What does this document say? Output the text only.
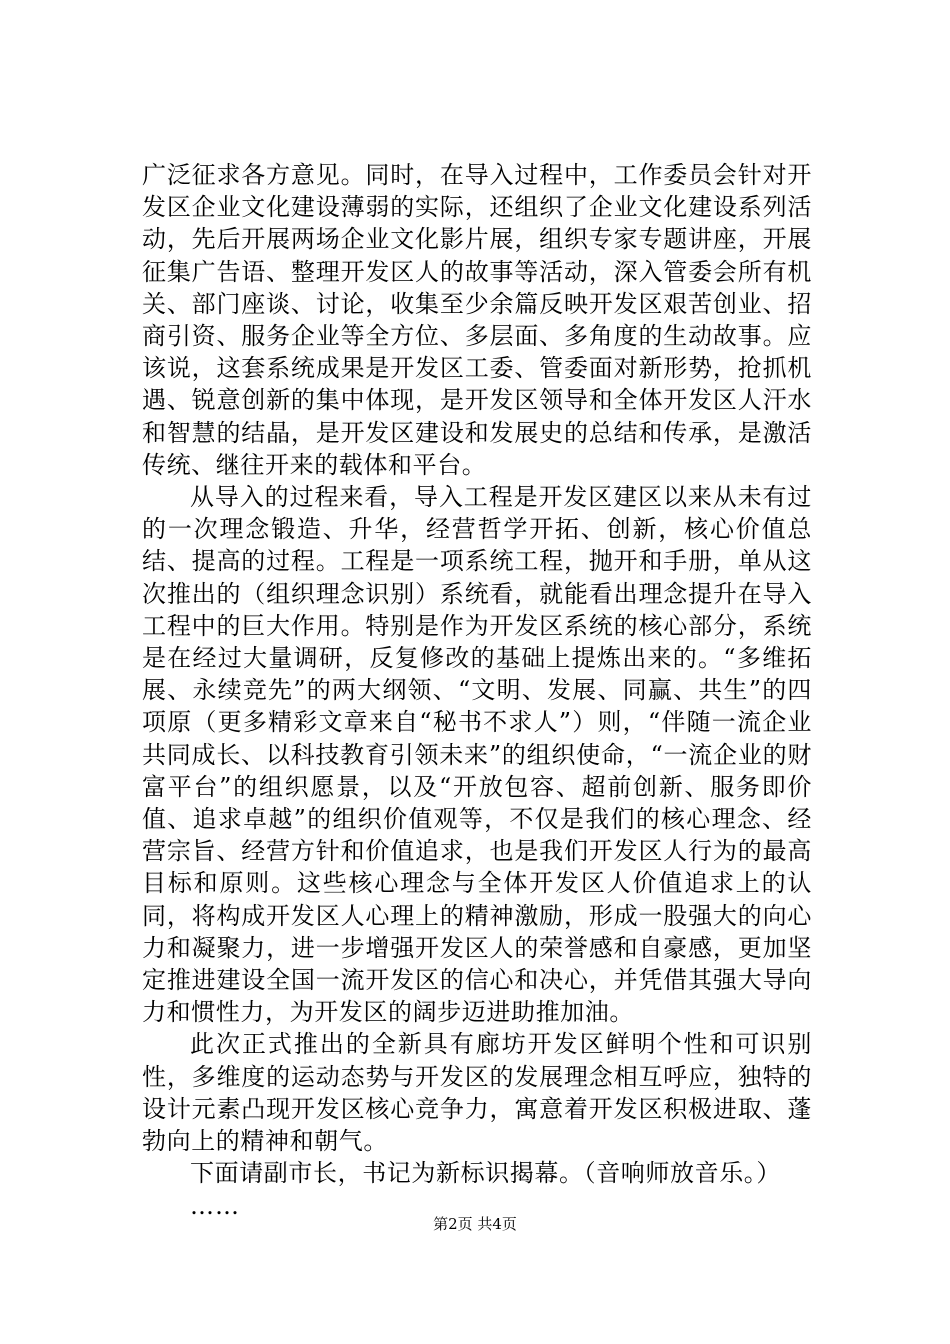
广泛征求各方意见。同时，在导入过程中，工作委员会针对开发区企业文化建设薄弱的实际，还组织了企业文化建设系列活动，先后开展两场企业文化影片展，组织专家专题讲座，开展征集广告语、整理开发区人的故事等活动，深入管委会所有机关、部门座谈、讨论，收集至少余篇反映开发区艰苦创业、招商引资、服务企业等全方位、多层面、多角度的生动故事。应该说，这套系统成果是开发区工委、管委面对新形势，抢抓机遇、锐意创新的集中体现，是开发区领导和全体开发区人汗水和智慧的结晶，是开发区建设和发展史的总结和传承，是激活传统、继往开来的载体和平台。

从导入的过程来看，导入工程是开发区建区以来从未有过的一次理念锻造、升华，经营哲学开拓、创新，核心价值总结、提高的过程。工程是一项系统工程，抛开和手册，单从这次推出的（组织理念识别）系统看，就能看出理念提升在导入工程中的巨大作用。特别是作为开发区系统的核心部分，系统是在经过大量调研，反复修改的基础上提炼出来的。“多维拓展、永续竞先”的两大纲领、“文明、发展、同赢、共生”的四项原（更多精彩文章来自“秘书不求人”）则，“伴随一流企业共同成长、以科技教育引领未来”的组织使命，“一流企业的财富平台”的组织愿景，以及“开放包容、超前创新、服务即价值、追求卓越”的组织价值观等，不仅是我们的核心理念、经营宗旨、经营方针和价值追求，也是我们开发区人行为的最高目标和原则。这些核心理念与全体开发区人价值追求上的认同，将构成开发区人心理上的精神激励，形成一股强大的向心力和凝聚力，进一步增强开发区人的荣誉感和自豪感，更加坚定推进建设全国一流开发区的信心和决心，并凭借其强大导向力和惯性力，为开发区的阔步迈进助推加油。

此次正式推出的全新具有廊坊开发区鲜明个性和可识别性，多维度的运动态势与开发区的发展理念相互呼应，独特的设计元素凸现开发区核心竞争力，寓意着开发区积极进取、蓬勃向上的精神和朝气。

下面请副市长，书记为新标识揭幕。（音响师放音乐。）

……

第2页 共4页
